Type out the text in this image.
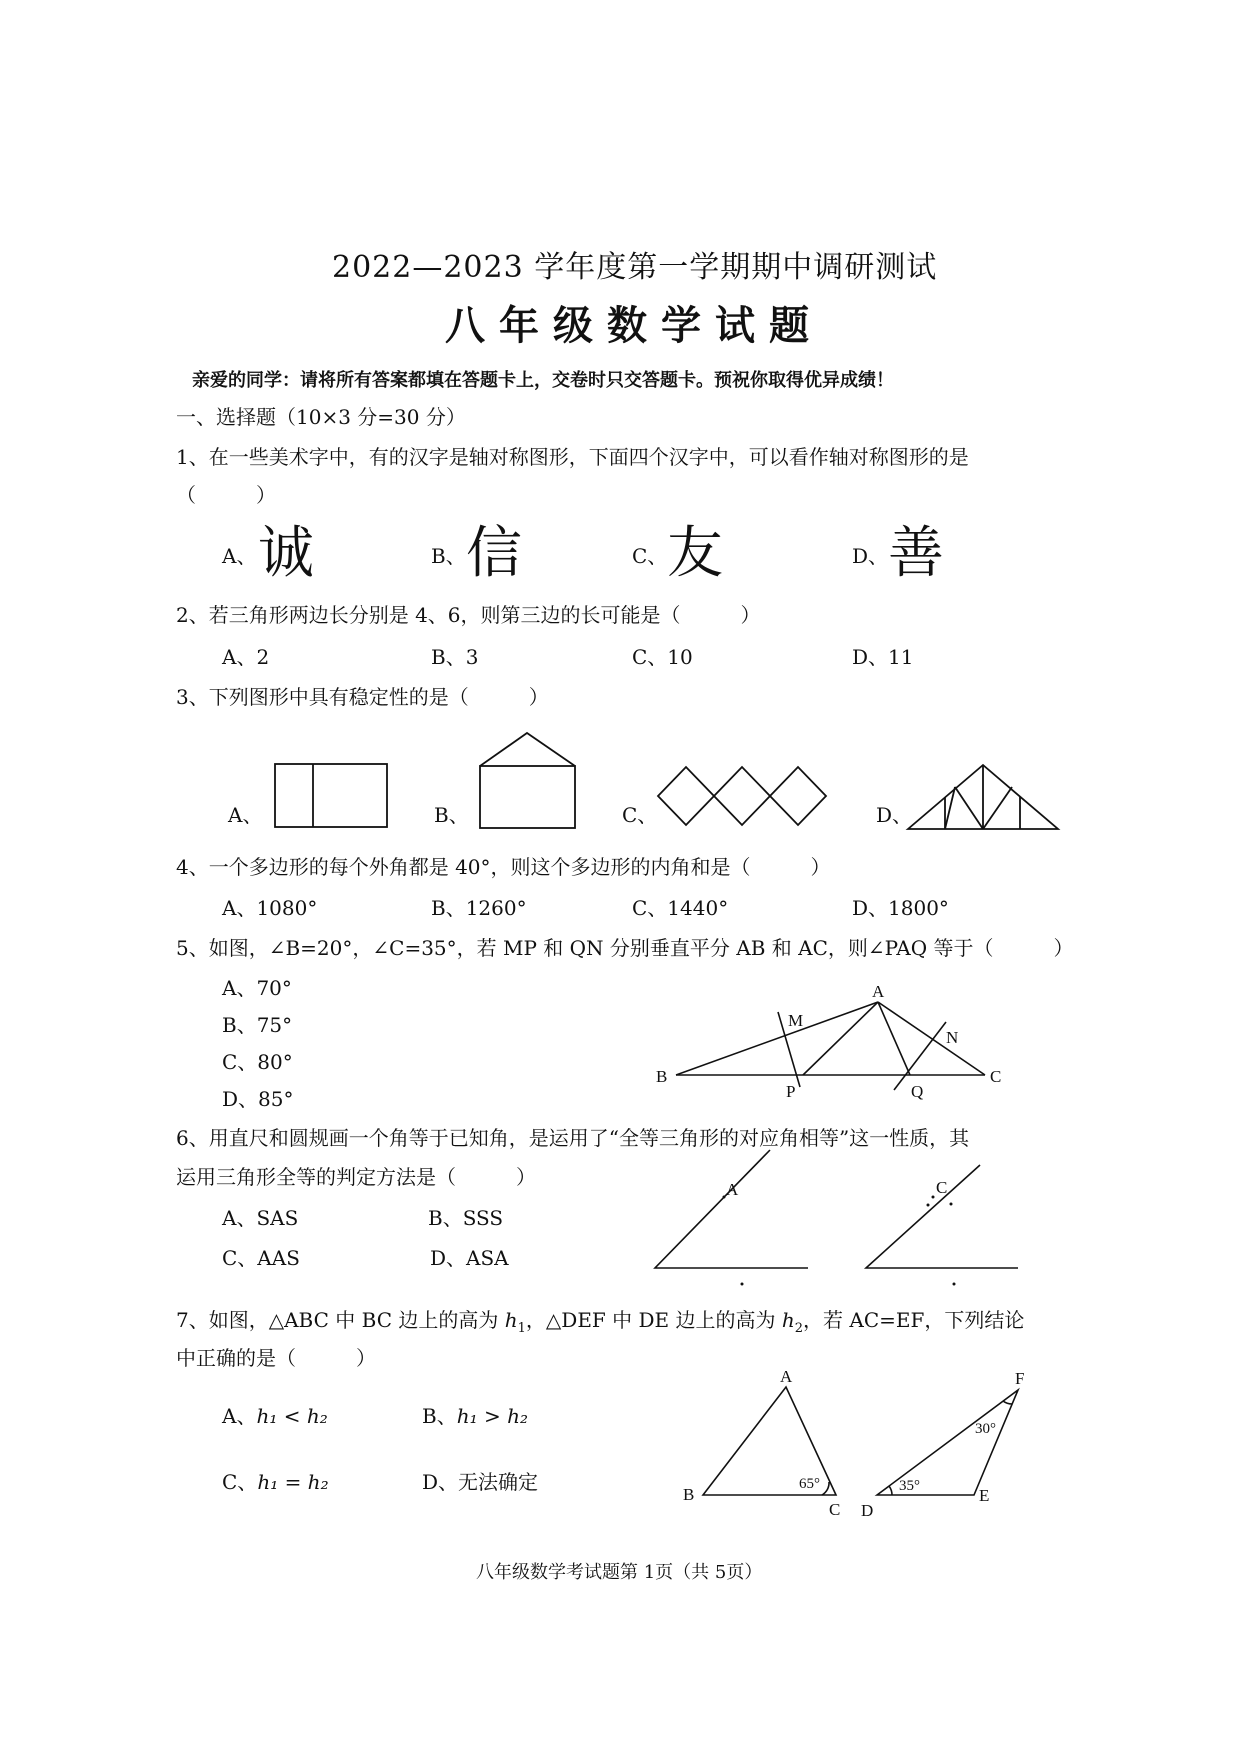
2022—2023 学年度第一学期期中调研测试
八年级数学试题
亲爱的同学：请将所有答案都填在答题卡上，交卷时只交答题卡。预祝你取得优异成绩！
一、选择题（10×3 分=30 分）
1、在一些美术字中，有的汉字是轴对称图形，下面四个汉字中，可以看作轴对称图形的是
（　　　）
A、 诚	B、 信	C、 友	D、 善
2、若三角形两边长分别是 4、6，则第三边的长可能是（　　　）
A、2	B、3	C、10	D、11
3、下列图形中具有稳定性的是（　　　）
A、	B、	C、	D、
4、一个多边形的每个外角都是 40°，则这个多边形的内角和是（　　　）
A、1080°	B、1260°	C、1440°	D、1800°
5、如图，∠B=20°，∠C=35°，若 MP 和 QN 分别垂直平分 AB 和 AC，则∠PAQ 等于（　　　）
A、70°
B、75°
C、80°
D、85°
A
M
N
B
P	Q
C
6、用直尺和圆规画一个角等于已知角，是运用了“全等三角形的对应角相等”这一性质，其
运用三角形全等的判定方法是（　　　）
A、SAS	B、SSS
C、AAS	D、ASA
A	C
7、如图，△ABC 中 BC 边上的高为 $h_1$，△DEF 中 DE 边上的高为 $h_2$，若 AC=EF，下列结论
中正确的是（　　　）
A、h₁ < h₂	B、h₁ > h₂
C、h₁ = h₂	D、无法确定
A
B
C
65°
F
D
E
30°
35°
八年级数学考试题第 1页（共 5页）
